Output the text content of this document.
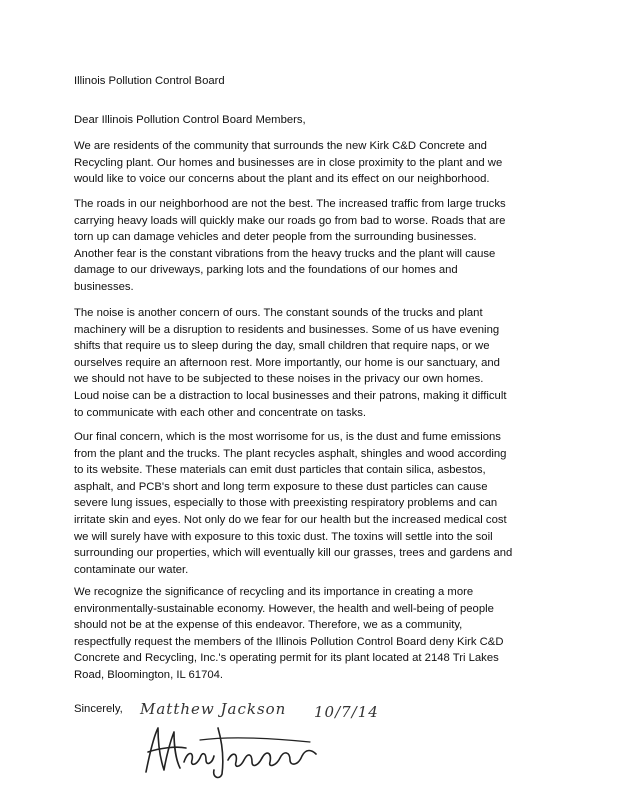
Illinois Pollution Control Board
Dear Illinois Pollution Control Board Members,

We are residents of the community that surrounds the new Kirk C&D Concrete and

Recycling plant. Our homes and businesses are in close proximity to the plant and we

would like to voice our concerns about the plant and its effect on our neighborhood.

The roads in our neighborhood are not the best. The increased traffic from large trucks

carrying heavy loads will quickly make our roads go from bad to worse. Roads that are

torn up can damage vehicles and deter people from the surrounding businesses.

Another fear is the constant vibrations from the heavy trucks and the plant will cause

damage to our driveways, parking lots and the foundations of our homes and

businesses.

The noise is another concern of ours. The constant sounds of the trucks and plant

machinery will be a disruption to residents and businesses. Some of us have evening

shifts that require us to sleep during the day, small children that require naps, or we

ourselves require an afternoon rest. More importantly, our home is our sanctuary, and

we should not have to be subjected to these noises in the privacy our own homes.

Loud noise can be a distraction to local businesses and their patrons, making it difficult

to communicate with each other and concentrate on tasks.

Our final concern, which is the most worrisome for us, is the dust and fume emissions

from the plant and the trucks. The plant recycles asphalt, shingles and wood according

to its website. These materials can emit dust particles that contain silica, asbestos,

asphalt, and PCB's short and long term exposure to these dust particles can cause

severe lung issues, especially to those with preexisting respiratory problems and can

irritate skin and eyes. Not only do we fear for our health but the increased medical cost

we will surely have with exposure to this toxic dust. The toxins will settle into the soil

surrounding our properties, which will eventually kill our grasses, trees and gardens and

contaminate our water.

We recognize the significance of recycling and its importance in creating a more

environmentally-sustainable economy. However, the health and well-being of people

should not be at the expense of this endeavor. Therefore, we as a community,

respectfully request the members of the Illinois Pollution Control Board deny Kirk C&D

Concrete and Recycling, Inc.'s operating permit for its plant located at 2148 Tri Lakes

Road, Bloomington, IL 61704.

Sincerely, Matthew Jackson 10/7/14
